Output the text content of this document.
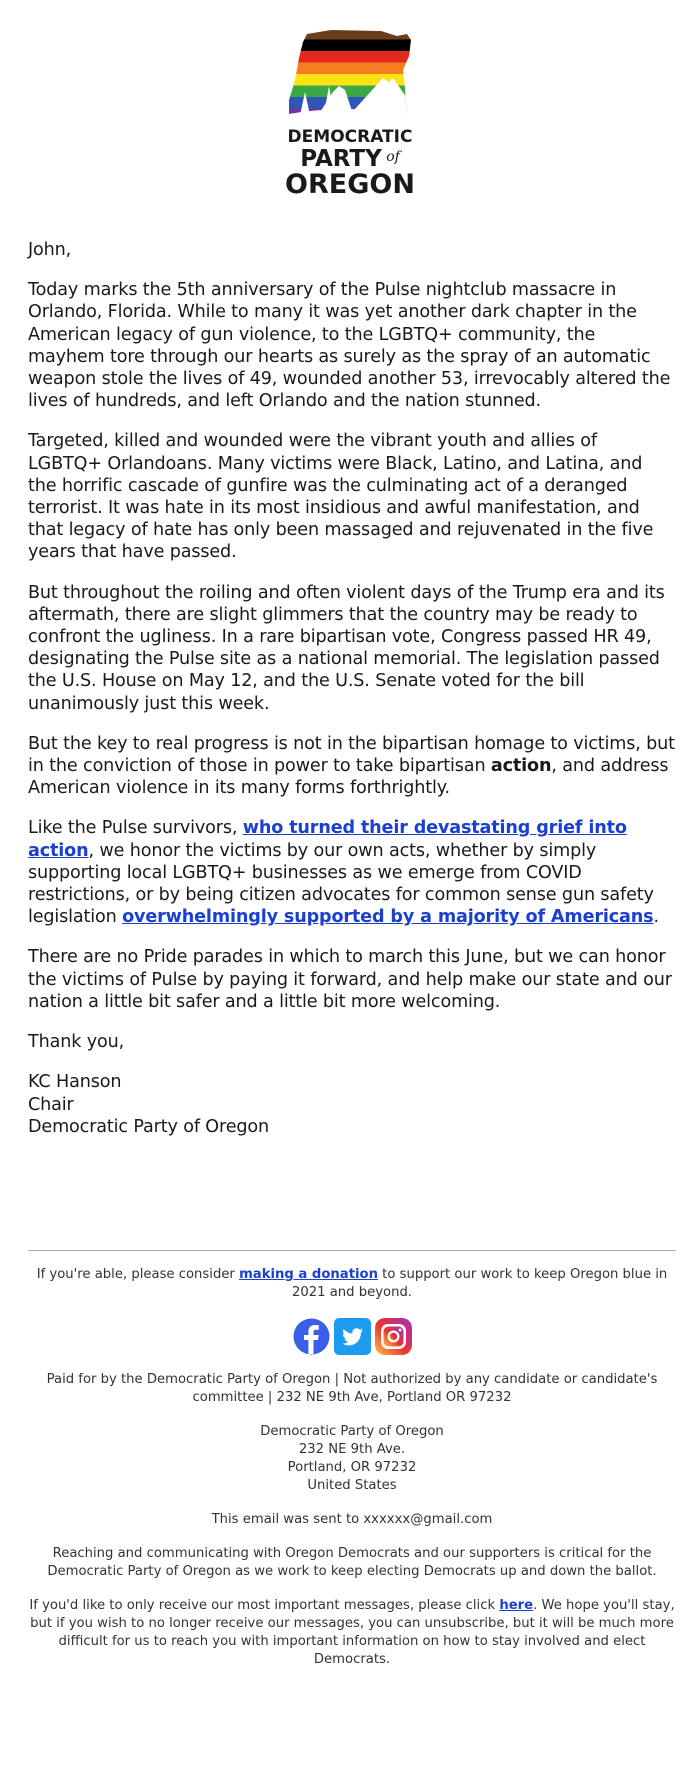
DEMOCRATIC
PARTY of
OREGON

John,

Today marks the 5th anniversary of the Pulse nightclub massacre in Orlando, Florida. While to many it was yet another dark chapter in the American legacy of gun violence, to the LGBTQ+ community, the mayhem tore through our hearts as surely as the spray of an automatic weapon stole the lives of 49, wounded another 53, irrevocably altered the lives of hundreds, and left Orlando and the nation stunned.

Targeted, killed and wounded were the vibrant youth and allies of LGBTQ+ Orlandoans. Many victims were Black, Latino, and Latina, and the horrific cascade of gunfire was the culminating act of a deranged terrorist. It was hate in its most insidious and awful manifestation, and that legacy of hate has only been massaged and rejuvenated in the five years that have passed.

But throughout the roiling and often violent days of the Trump era and its aftermath, there are slight glimmers that the country may be ready to confront the ugliness. In a rare bipartisan vote, Congress passed HR 49, designating the Pulse site as a national memorial. The legislation passed the U.S. House on May 12, and the U.S. Senate voted for the bill unanimously just this week.

But the key to real progress is not in the bipartisan homage to victims, but in the conviction of those in power to take bipartisan action, and address American violence in its many forms forthrightly.

Like the Pulse survivors, who turned their devastating grief into action, we honor the victims by our own acts, whether by simply supporting local LGBTQ+ businesses as we emerge from COVID restrictions, or by being citizen advocates for common sense gun safety legislation overwhelmingly supported by a majority of Americans.

There are no Pride parades in which to march this June, but we can honor the victims of Pulse by paying it forward, and help make our state and our nation a little bit safer and a little bit more welcoming.

Thank you,

KC Hanson
Chair
Democratic Party of Oregon

If you're able, please consider making a donation to support our work to keep Oregon blue in 2021 and beyond.

Paid for by the Democratic Party of Oregon | Not authorized by any candidate or candidate's committee | 232 NE 9th Ave, Portland OR 97232

Democratic Party of Oregon
232 NE 9th Ave.
Portland, OR 97232
United States

This email was sent to xxxxxx@gmail.com

Reaching and communicating with Oregon Democrats and our supporters is critical for the Democratic Party of Oregon as we work to keep electing Democrats up and down the ballot.

If you'd like to only receive our most important messages, please click here. We hope you'll stay, but if you wish to no longer receive our messages, you can unsubscribe, but it will be much more difficult for us to reach you with important information on how to stay involved and elect Democrats.
